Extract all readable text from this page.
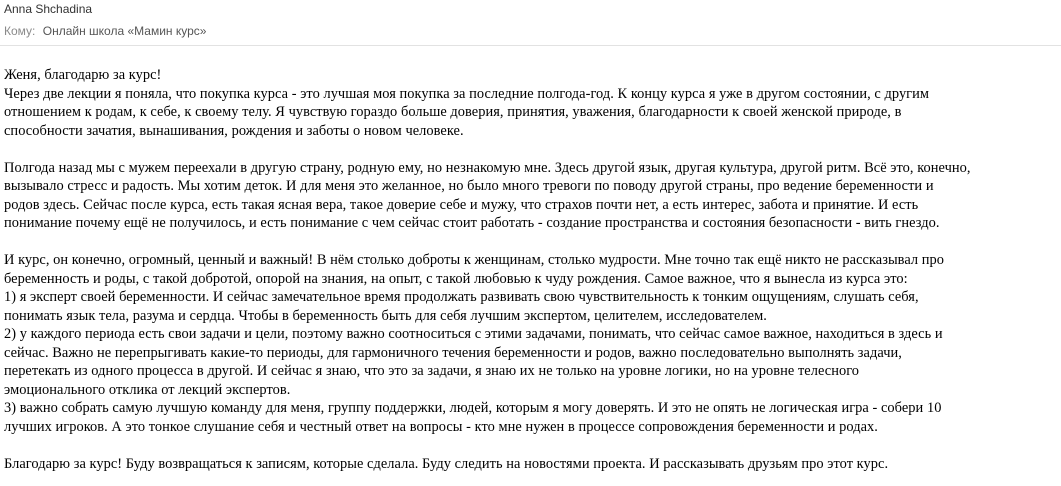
Anna Shchadina
Кому: Онлайн школа «Мамин курс»
Женя, благодарю за курс!
Через две лекции я поняла, что покупка курса - это лучшая моя покупка за последние полгода-год. К концу курса я уже в другом состоянии, с другим
отношением к родам, к себе, к своему телу. Я чувствую гораздо больше доверия, принятия, уважения, благодарности к своей женской природе, в
способности зачатия, вынашивания, рождения и заботы о новом человеке.
Полгода назад мы с мужем переехали в другую страну, родную ему, но незнакомую мне. Здесь другой язык, другая культура, другой ритм. Всё это, конечно,
вызывало стресс и радость. Мы хотим деток. И для меня это желанное, но было много тревоги по поводу другой страны, про ведение беременности и
родов здесь. Сейчас после курса, есть такая ясная вера, такое доверие себе и мужу, что страхов почти нет, а есть интерес, забота и принятие. И есть
понимание почему ещё не получилось, и есть понимание с чем сейчас стоит работать - создание пространства и состояния безопасности - вить гнездо.
И курс, он конечно, огромный, ценный и важный! В нём столько доброты к женщинам, столько мудрости. Мне точно так ещё никто не рассказывал про
беременность и роды, с такой добротой, опорой на знания, на опыт, с такой любовью к чуду рождения. Самое важное, что я вынесла из курса это:
1) я эксперт своей беременности. И сейчас замечательное время продолжать развивать свою чувствительность к тонким ощущениям, слушать себя,
понимать язык тела, разума и сердца. Чтобы в беременность быть для себя лучшим экспертом, целителем, исследователем.
2) у каждого периода есть свои задачи и цели, поэтому важно соотноситься с этими задачами, понимать, что сейчас самое важное, находиться в здесь и
сейчас. Важно не перепрыгивать какие-то периоды, для гармоничного течения беременности и родов, важно последовательно выполнять задачи,
перетекать из одного процесса в другой. И сейчас я знаю, что это за задачи, я знаю их не только на уровне логики, но на уровне телесного
эмоционального отклика от лекций экспертов.
3) важно собрать самую лучшую команду для меня, группу поддержки, людей, которым я могу доверять. И это не опять не логическая игра - собери 10
лучших игроков. А это тонкое слушание себя и честный ответ на вопросы - кто мне нужен в процессе сопровождения беременности и родах.
Благодарю за курс! Буду возвращаться к записям, которые сделала. Буду следить на новостями проекта. И рассказывать друзьям про этот курс.
